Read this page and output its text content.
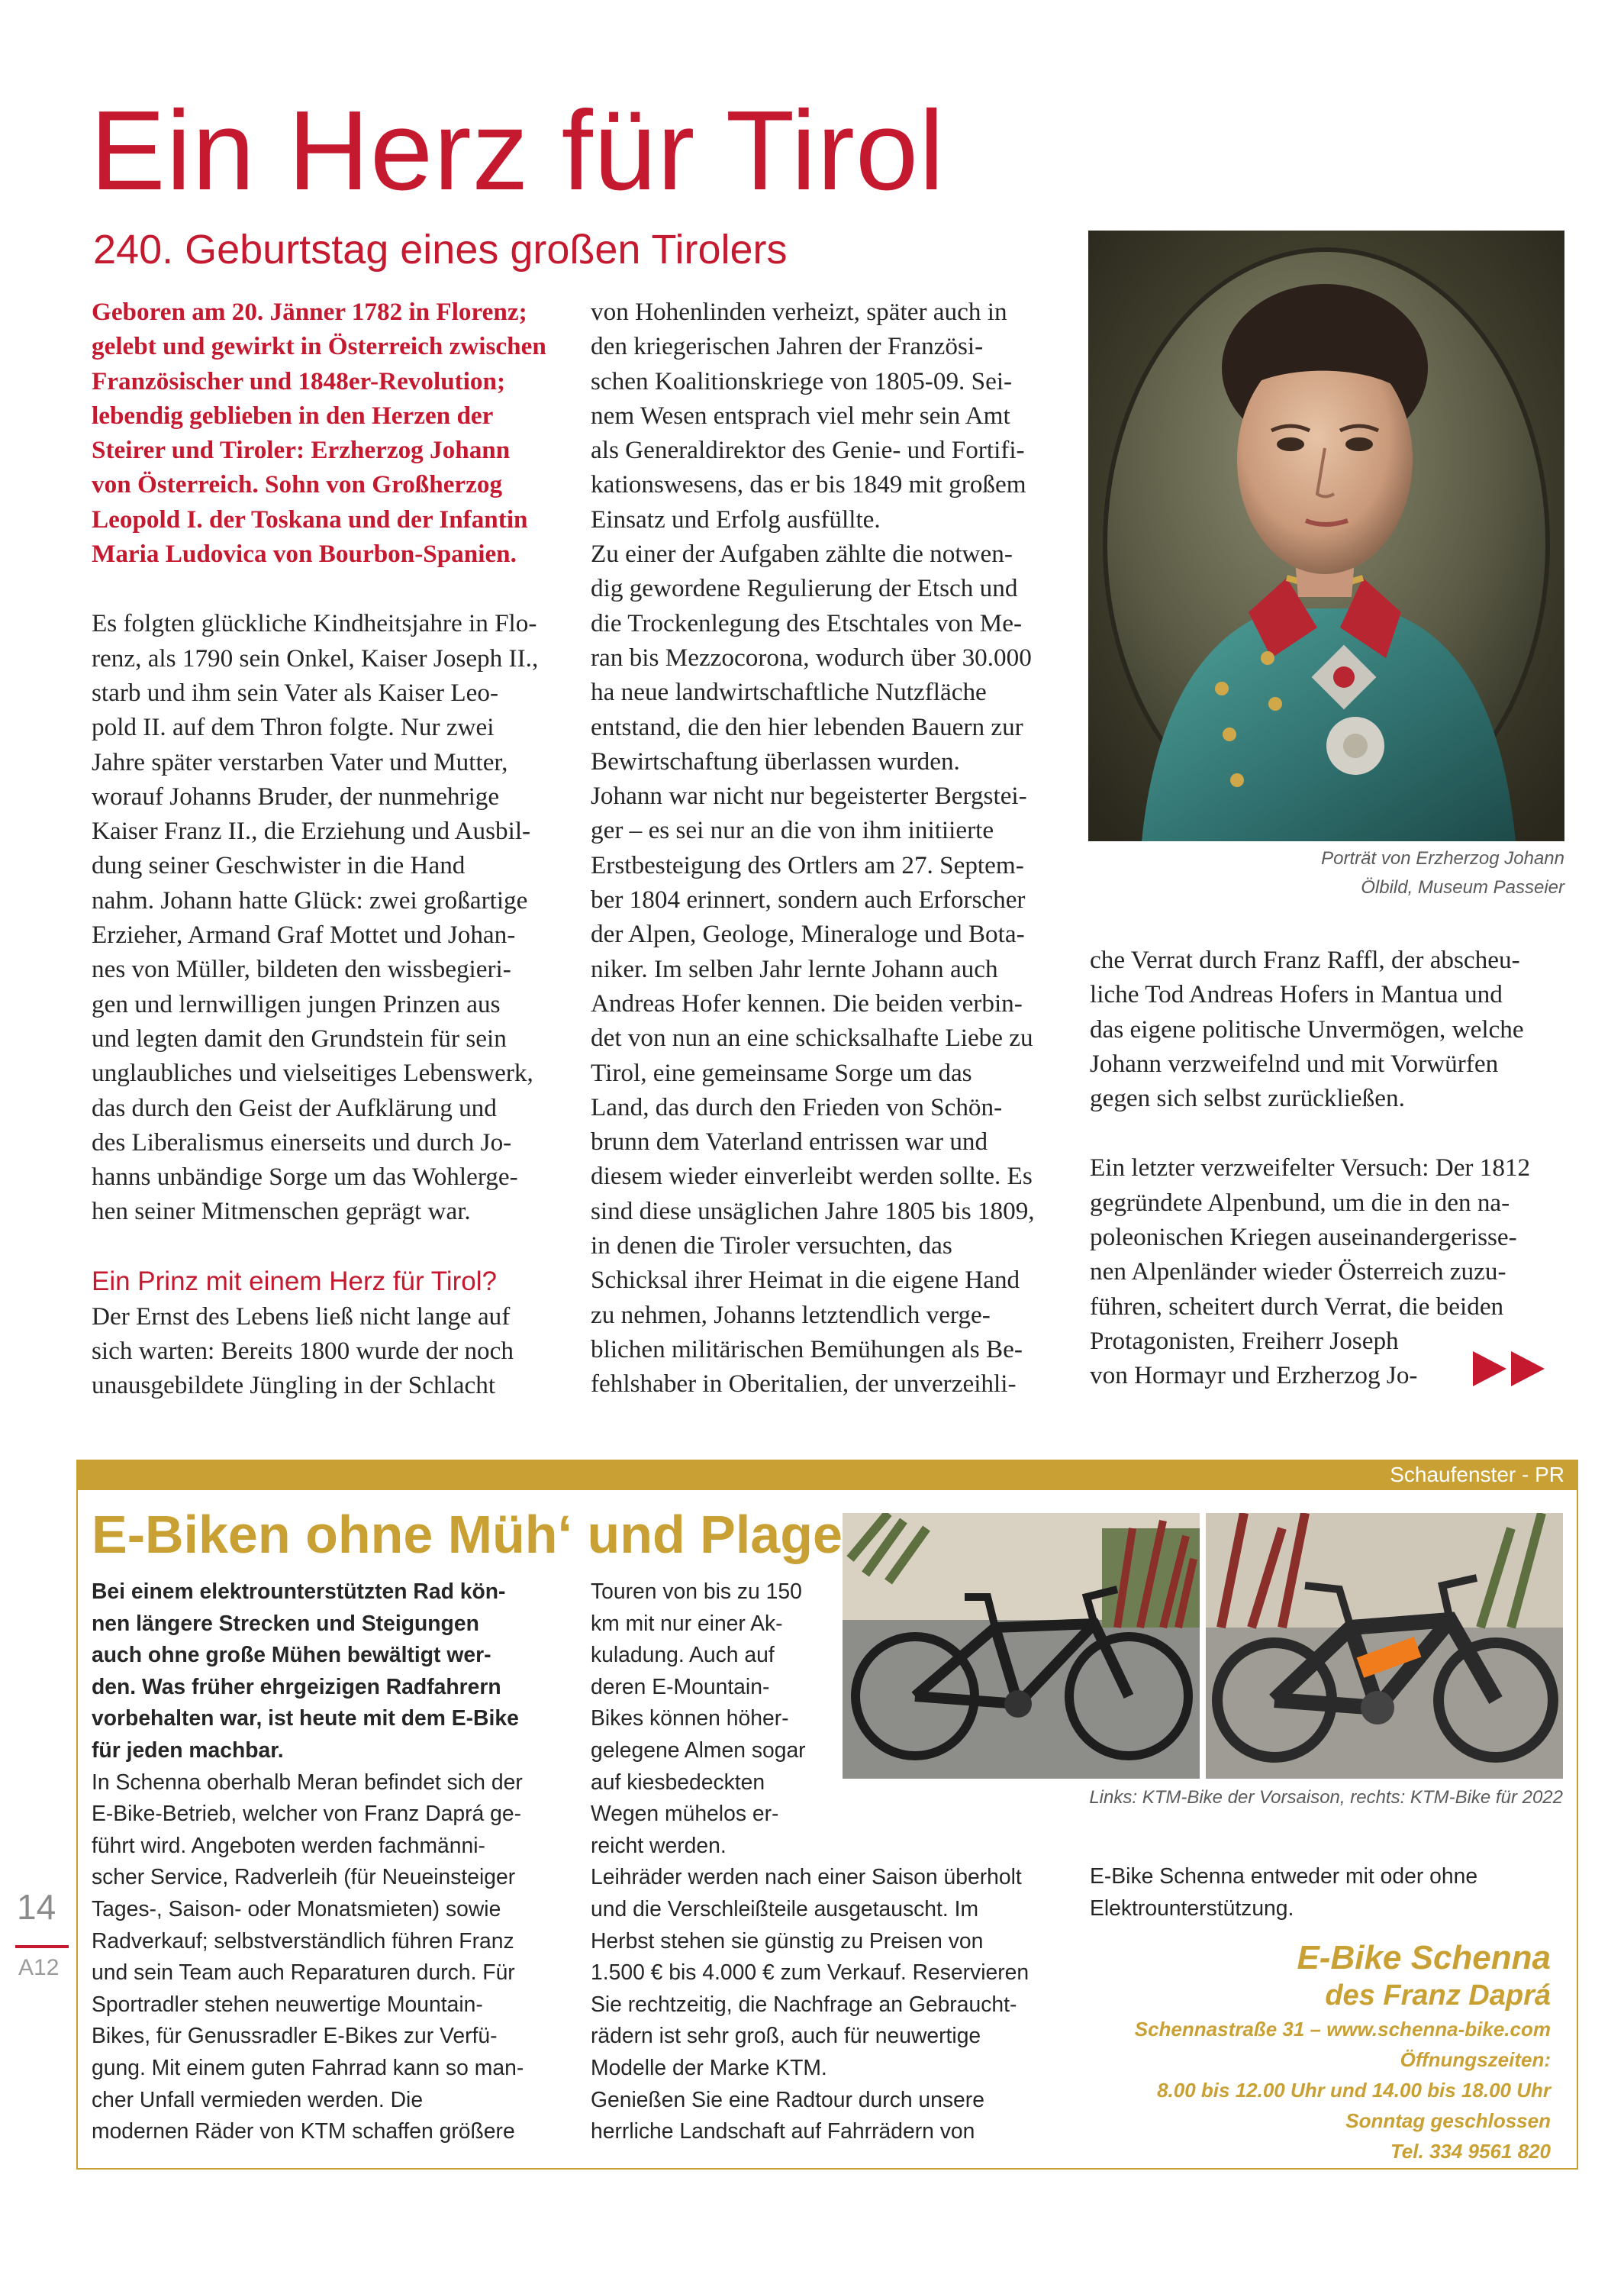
Ein Herz für Tirol
240. Geburtstag eines großen Tirolers

Geboren am 20. Jänner 1782 in Florenz;

gelebt und gewirkt in Österreich zwischen

Französischer und 1848er-Revolution;

lebendig geblieben in den Herzen der

Steirer und Tiroler: Erzherzog Johann

von Österreich. Sohn von Großherzog

Leopold I. der Toskana und der Infantin

Maria Ludovica von Bourbon-Spanien.

Es folgten glückliche Kindheitsjahre in Flo-

renz, als 1790 sein Onkel, Kaiser Joseph II.,

starb und ihm sein Vater als Kaiser Leo-

pold II. auf dem Thron folgte. Nur zwei

Jahre später verstarben Vater und Mutter,

worauf Johanns Bruder, der nunmehrige

Kaiser Franz II., die Erziehung und Ausbil-

dung seiner Geschwister in die Hand

nahm. Johann hatte Glück: zwei großartige

Erzieher, Armand Graf Mottet und Johan-

nes von Müller, bildeten den wissbegieri-

gen und lernwilligen jungen Prinzen aus

und legten damit den Grundstein für sein

unglaubliches und vielseitiges Lebenswerk,

das durch den Geist der Aufklärung und

des Liberalismus einerseits und durch Jo-

hanns unbändige Sorge um das Wohlerge-

hen seiner Mitmenschen geprägt war.

Ein Prinz mit einem Herz für Tirol?

Der Ernst des Lebens ließ nicht lange auf

sich warten: Bereits 1800 wurde der noch

unausgebildete Jüngling in der Schlacht

von Hohenlinden verheizt, später auch in

den kriegerischen Jahren der Französi-

schen Koalitionskriege von 1805-09. Sei-

nem Wesen entsprach viel mehr sein Amt

als Generaldirektor des Genie- und Fortifi-

kationswesens, das er bis 1849 mit großem

Einsatz und Erfolg ausfüllte.

Zu einer der Aufgaben zählte die notwen-

dig gewordene Regulierung der Etsch und

die Trockenlegung des Etschtales von Me-

ran bis Mezzocorona, wodurch über 30.000

ha neue landwirtschaftliche Nutzfläche

entstand, die den hier lebenden Bauern zur

Bewirtschaftung überlassen wurden.

Johann war nicht nur begeisterter Bergstei-

ger – es sei nur an die von ihm initiierte

Erstbesteigung des Ortlers am 27. Septem-

ber 1804 erinnert, sondern auch Erforscher

der Alpen, Geologe, Mineraloge und Bota-

niker. Im selben Jahr lernte Johann auch

Andreas Hofer kennen. Die beiden verbin-

det von nun an eine schicksalhafte Liebe zu

Tirol, eine gemeinsame Sorge um das

Land, das durch den Frieden von Schön-

brunn dem Vaterland entrissen war und

diesem wieder einverleibt werden sollte. Es

sind diese unsäglichen Jahre 1805 bis 1809,

in denen die Tiroler versuchten, das

Schicksal ihrer Heimat in die eigene Hand

zu nehmen, Johanns letztendlich verge-

blichen militärischen Bemühungen als Be-

fehlshaber in Oberitalien, der unverzeihli-

Porträt von Erzherzog Johann
Ölbild, Museum Passeier

che Verrat durch Franz Raffl, der abscheu-

liche Tod Andreas Hofers in Mantua und

das eigene politische Unvermögen, welche

Johann verzweifelnd und mit Vorwürfen

gegen sich selbst zurückließen.

Ein letzter verzweifelter Versuch: Der 1812

gegründete Alpenbund, um die in den na-

poleonischen Kriegen auseinandergerisse-

nen Alpenländer wieder Österreich zuzu-

führen, scheitert durch Verrat, die beiden

Protagonisten, Freiherr Joseph

von Hormayr und Erzherzog Jo-

Schaufenster - PR
E-Biken ohne Müh‘ und Plage

Bei einem elektrounterstützten Rad kön-

nen längere Strecken und Steigungen

auch ohne große Mühen bewältigt wer-

den. Was früher ehrgeizigen Radfahrern

vorbehalten war, ist heute mit dem E-Bike

für jeden machbar.

In Schenna oberhalb Meran befindet sich der

E-Bike-Betrieb, welcher von Franz Daprá ge-

führt wird. Angeboten werden fachmänni-

scher Service, Radverleih (für Neueinsteiger

Tages-, Saison- oder Monatsmieten) sowie

Radverkauf; selbstverständlich führen Franz

und sein Team auch Reparaturen durch. Für

Sportradler stehen neuwertige Mountain-

Bikes, für Genussradler E-Bikes zur Verfü-

gung. Mit einem guten Fahrrad kann so man-

cher Unfall vermieden werden. Die

modernen Räder von KTM schaffen größere

Touren von bis zu 150

km mit nur einer Ak-

kuladung. Auch auf

deren E-Mountain-

Bikes können höher-

gelegene Almen sogar

auf kiesbedeckten

Wegen mühelos er-

reicht werden.

Leihräder werden nach einer Saison überholt

und die Verschleißteile ausgetauscht. Im

Herbst stehen sie günstig zu Preisen von

1.500 € bis 4.000 € zum Verkauf. Reservieren

Sie rechtzeitig, die Nachfrage an Gebraucht-

rädern ist sehr groß, auch für neuwertige

Modelle der Marke KTM.

Genießen Sie eine Radtour durch unsere

herrliche Landschaft auf Fahrrädern von

Links: KTM-Bike der Vorsaison, rechts: KTM-Bike für 2022

E-Bike Schenna entweder mit oder ohne

Elektrounterstützung.

E-Bike Schenna
des Franz Daprá
Schennastraße 31 – www.schenna-bike.com
Öffnungszeiten:
8.00 bis 12.00 Uhr und 14.00 bis 18.00 Uhr
Sonntag geschlossen
Tel. 334 9561 820
14
A12
